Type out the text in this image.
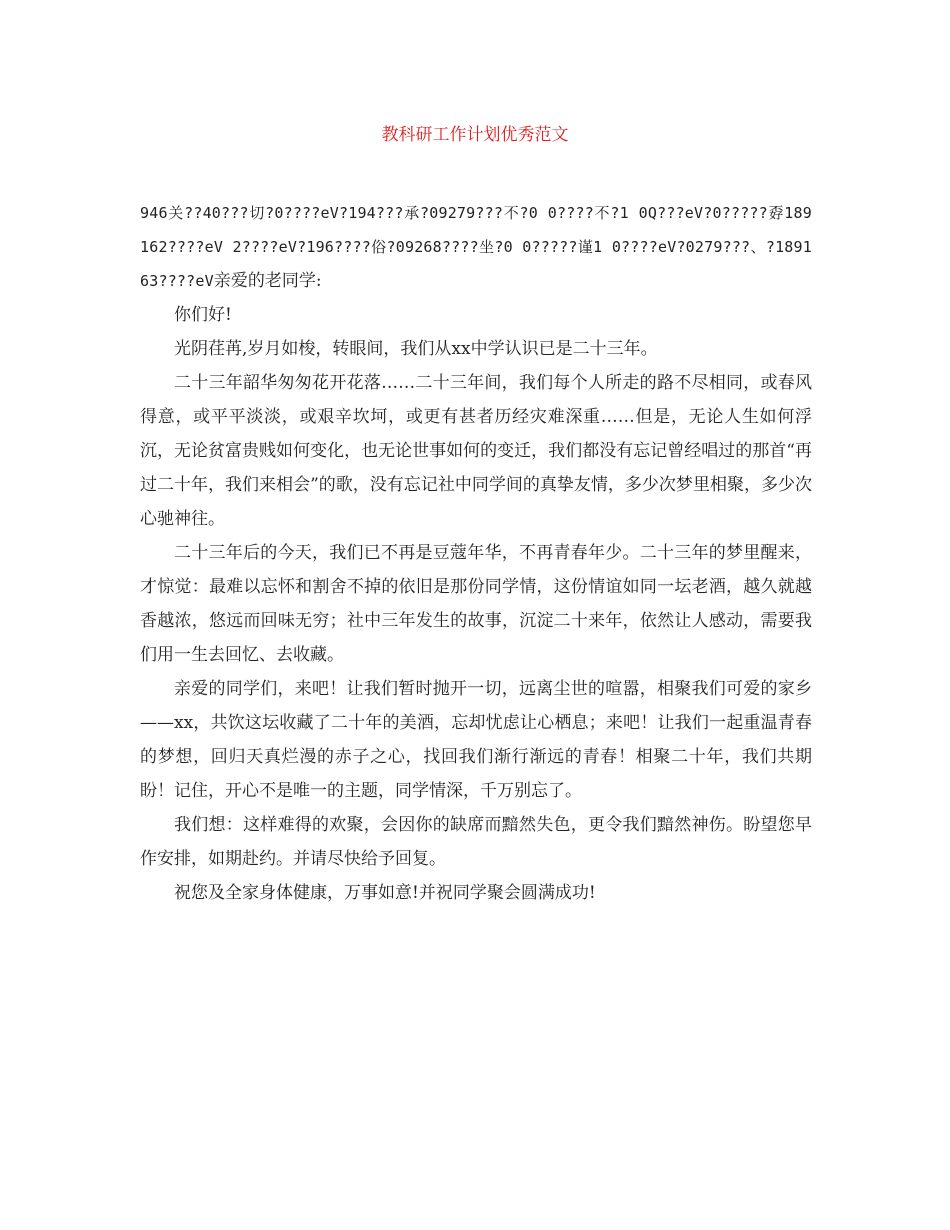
教科研工作计划优秀范文

946关??40???切?0????eV?194???承?09279???不?0 0????不?1 0Q???eV?0?????孬189162????eV 2????eV?196????俗?09268????坐?0 0?????谨1 0????eV?0279???、?189163????eV亲爱的老同学:

你们好!

光阴荏苒,岁月如梭，转眼间，我们从xx中学认识已是二十三年。

二十三年韶华匆匆花开花落……二十三年间，我们每个人所走的路不尽相同，或春风得意，或平平淡淡，或艰辛坎坷，或更有甚者历经灾难深重……但是，无论人生如何浮沉，无论贫富贵贱如何变化，也无论世事如何的变迁，我们都没有忘记曾经唱过的那首“再过二十年，我们来相会”的歌，没有忘记社中同学间的真挚友情，多少次梦里相聚，多少次心驰神往。

二十三年后的今天，我们已不再是豆蔻年华，不再青春年少。二十三年的梦里醒来，才惊觉：最难以忘怀和割舍不掉的依旧是那份同学情，这份情谊如同一坛老酒，越久就越香越浓，悠远而回味无穷；社中三年发生的故事，沉淀二十来年，依然让人感动，需要我们用一生去回忆、去收藏。

亲爱的同学们，来吧！让我们暂时抛开一切，远离尘世的喧嚣，相聚我们可爱的家乡——xx，共饮这坛收藏了二十年的美酒，忘却忧虑让心栖息；来吧！让我们一起重温青春的梦想，回归天真烂漫的赤子之心，找回我们渐行渐远的青春！相聚二十年，我们共期盼！记住，开心不是唯一的主题，同学情深，千万别忘了。

我们想：这样难得的欢聚，会因你的缺席而黯然失色，更令我们黯然神伤。盼望您早作安排，如期赴约。并请尽快给予回复。

祝您及全家身体健康，万事如意!并祝同学聚会圆满成功!
